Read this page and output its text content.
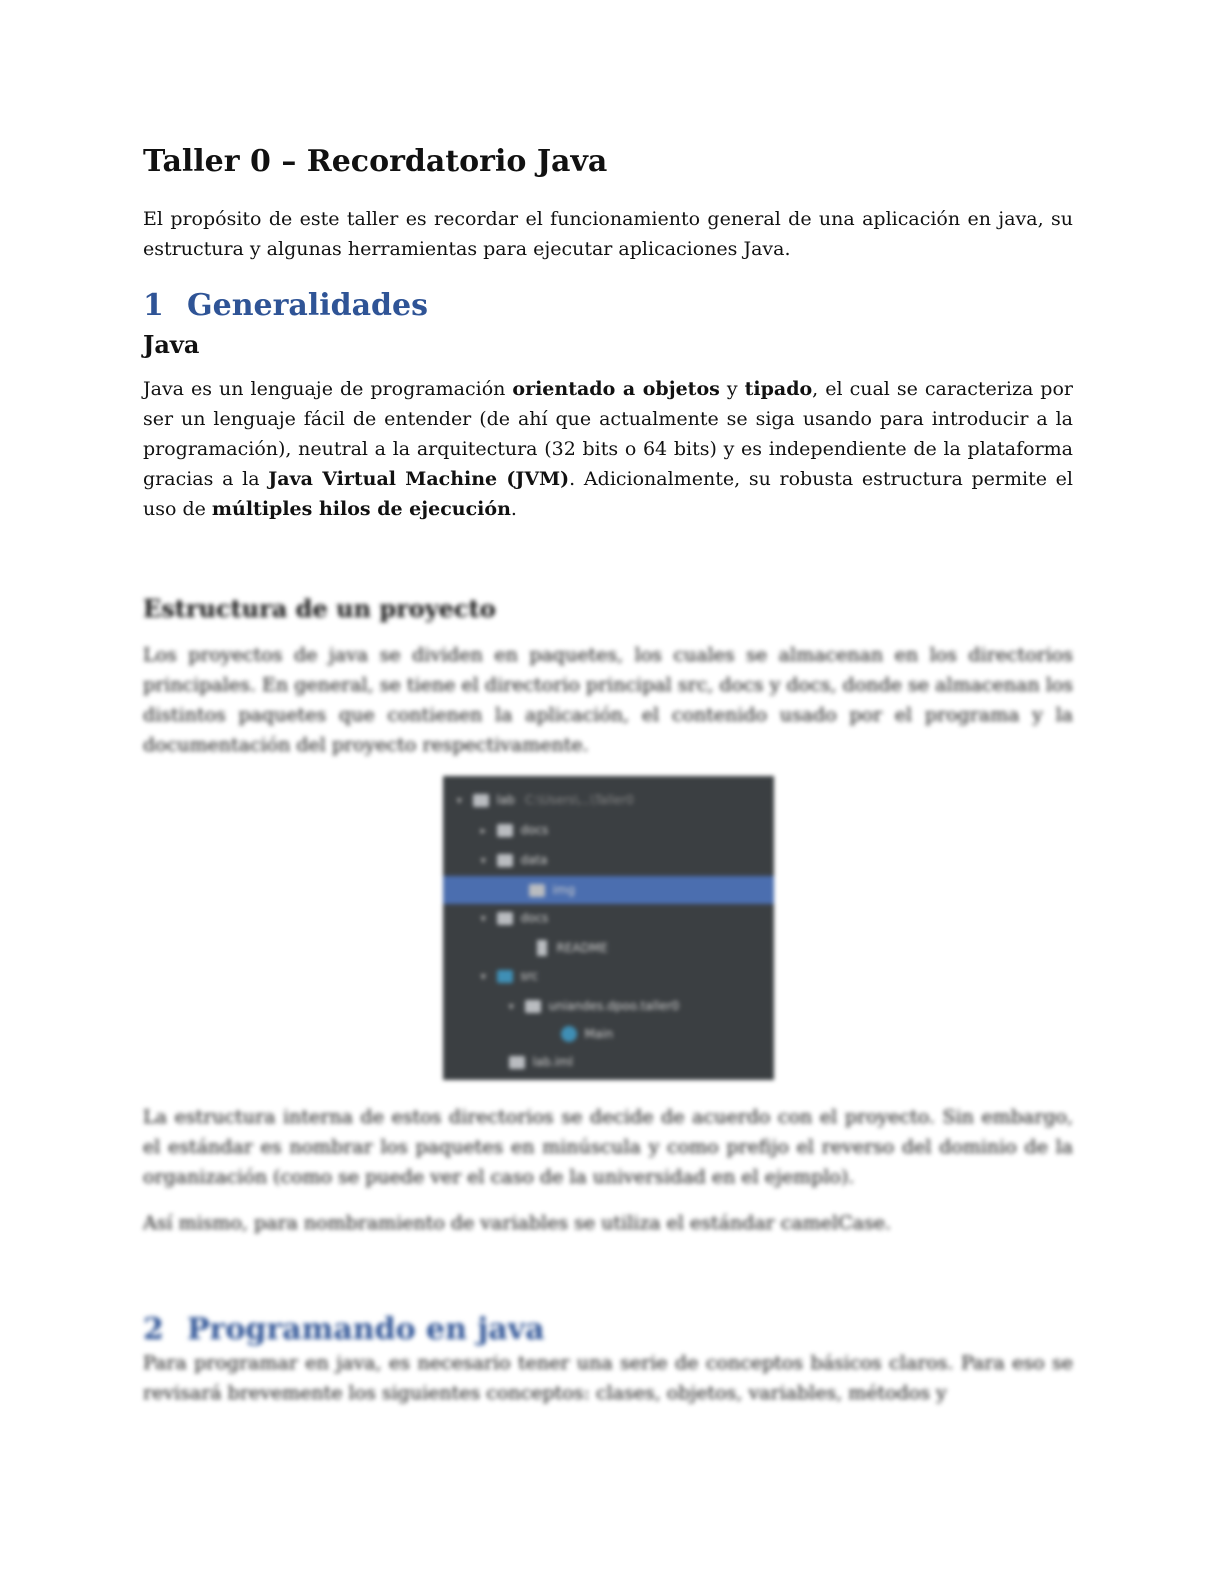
Taller 0 – Recordatorio Java

El propósito de este taller es recordar el funcionamiento general de una aplicación en java, su estructura y algunas herramientas para ejecutar aplicaciones Java.

1 Generalidades
Java

Java es un lenguaje de programación orientado a objetos y tipado, el cual se caracteriza por ser un lenguaje fácil de entender (de ahí que actualmente se siga usando para introducir a la programación), neutral a la arquitectura (32 bits o 64 bits) y es independiente de la plataforma gracias a la Java Virtual Machine (JVM). Adicionalmente, su robusta estructura permite el uso de múltiples hilos de ejecución.

Estructura de un proyecto

Los proyectos de java se dividen en paquetes, los cuales se almacenan en los directorios principales. En general, se tiene el directorio principal src, docs y docs, donde se almacenan los distintos paquetes que contienen la aplicación, el contenido usado por el programa y la documentación del proyecto respectivamente.

▾	lab C:\Users\...\Taller0
▸	docs
▾	data
img
▾	docs
README
▾	src
▾	uniandes.dpoo.taller0
Main
lab.iml

La estructura interna de estos directorios se decide de acuerdo con el proyecto. Sin embargo, el estándar es nombrar los paquetes en minúscula y como prefijo el reverso del dominio de la organización (como se puede ver el caso de la universidad en el ejemplo).

Así mismo, para nombramiento de variables se utiliza el estándar camelCase.

2 Programando en java

Para programar en java, es necesario tener una serie de conceptos básicos claros. Para eso se revisará brevemente los siguientes conceptos: clases, objetos, variables, métodos y
